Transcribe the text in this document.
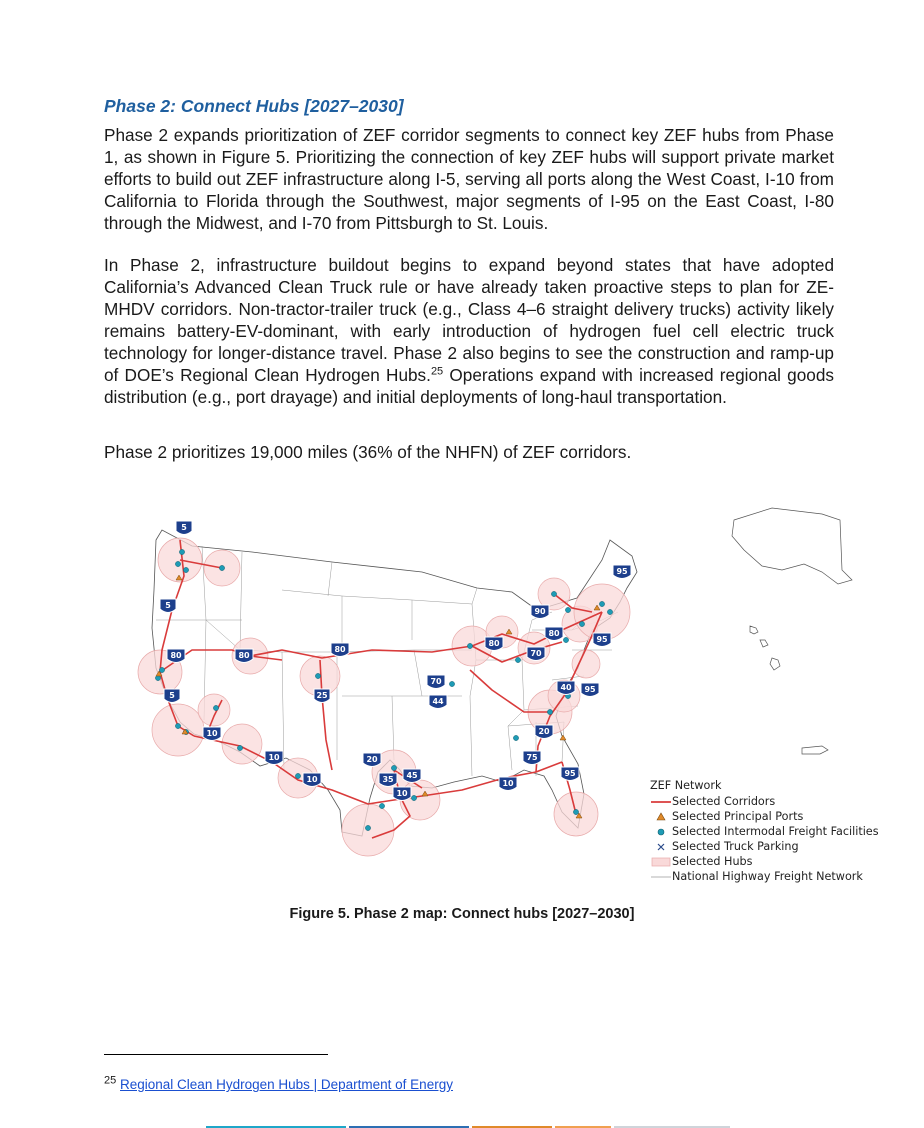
Phase 2: Connect Hubs [2027–2030]

Phase 2 expands prioritization of ZEF corridor segments to connect key ZEF hubs from Phase 1, as shown in Figure 5. Prioritizing the connection of key ZEF hubs will support private market efforts to build out ZEF infrastructure along I-5, serving all ports along the West Coast, I-10 from California to Florida through the Southwest, major segments of I-95 on the East Coast, I-80 through the Midwest, and I-70 from Pittsburgh to St. Louis.

In Phase 2, infrastructure buildout begins to expand beyond states that have adopted California’s Advanced Clean Truck rule or have already taken proactive steps to plan for ZE-MHDV corridors. Non-tractor-trailer truck (e.g., Class 4–6 straight delivery trucks) activity likely remains battery-EV-dominant, with early introduction of hydrogen fuel cell electric truck technology for longer-distance travel. Phase 2 also begins to see the construction and ramp-up of DOE’s Regional Clean Hydrogen Hubs.$^{25}$ Operations expand with increased regional goods distribution (e.g., port drayage) and initial deployments of long-haul transportation.

Phase 2 prioritizes 19,000 miles (36% of the NHFN) of ZEF corridors.

5
5
5
80	80
80
25
10
10
10
10
10
35 45
20
70
44
80
90
80
70
95
40 95
20
75
95
95
ZEF Network
Selected Corridors
Selected Principal Ports
Selected Intermodal Freight Facilities
Selected Truck Parking
Selected Hubs
National Highway Freight Network
Figure 5. Phase 2 map: Connect hubs [2027–2030]
$^{25}$ Regional Clean Hydrogen Hubs | Department of Energy
